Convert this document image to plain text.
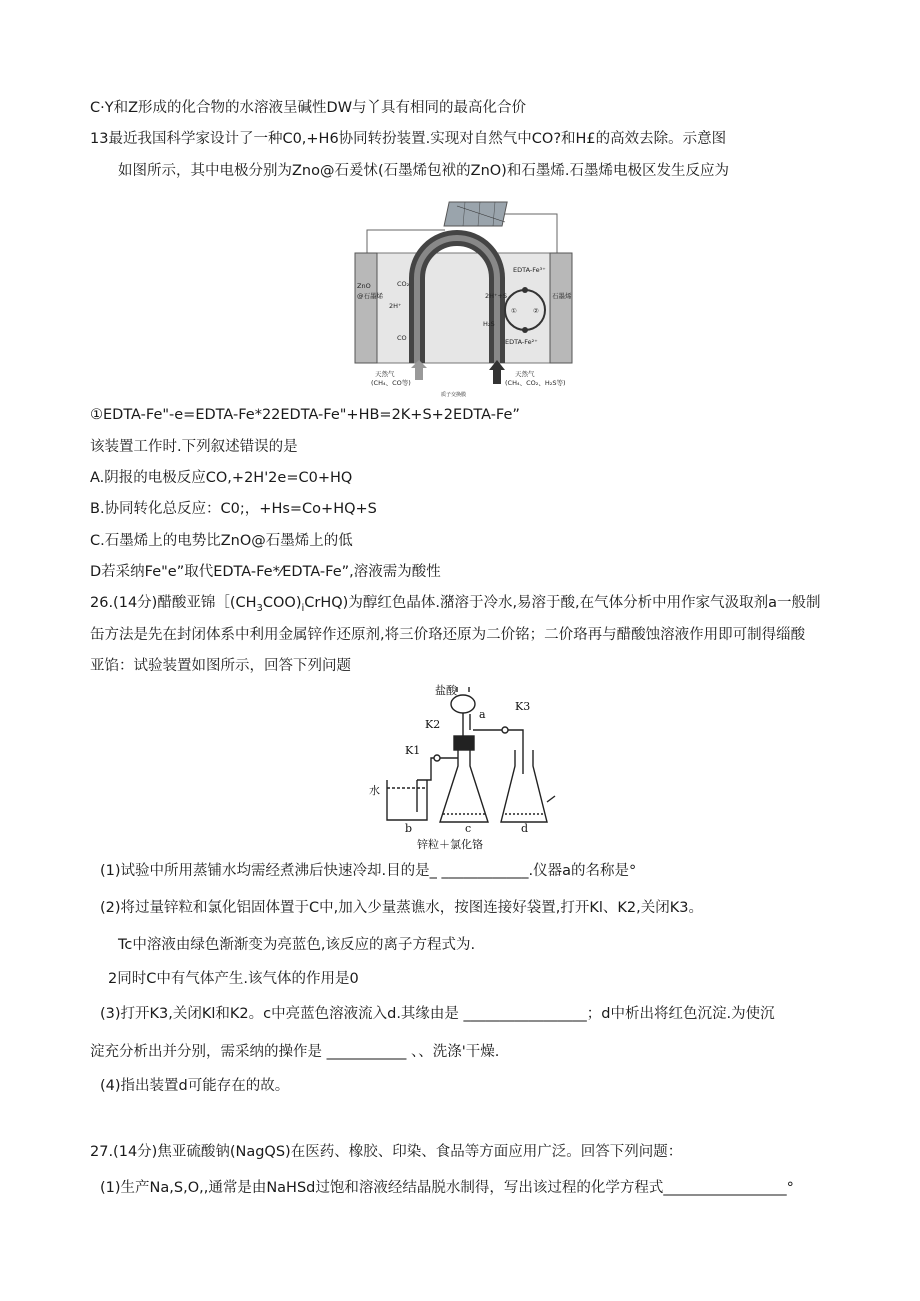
C·Y和Z形成的化合物的水溶液呈碱性DW与丫具有相同的最高化合价
13最近我国科学家设计了一种C0,+H6协同转扮装置.实现对自然气中CO?和H£的高效去除。示意图
如图所示，其中电极分别为Zno@石爰怵(石墨烯包袱的ZnO)和石墨烯.石墨烯电极区发生反应为
ZnO
@石墨烯	石墨烯
CO₂
2H⁺
CO
EDTA-Fe³⁺
2H⁺+S
H₂S
EDTA-Fe²⁺
① ②
天然气
(CH₄、CO等)
天然气
(CH₄、CO₂、H₂S等)
质子交换膜
①EDTA-Fe"-e=EDTA-Fe*22EDTA-Fe"+HB=2K+S+2EDTA-Fe”
该装置工作时.下列叙述错误的是
A.阴报的电极反应CO,+2H'2e=C0+HQ
B.协同转化总反应：C0;，+Hs=Co+HQ+S
C.石墨烯上的电势比ZnO@石墨烯上的低
D若采纳Fe"e”取代EDTA-Fe*⁄EDTA-Fe”,溶液需为酸性
26.(14分)醋酸亚锦$[(CH_3COO)_iCrHQ$)为醇红色晶体.潴溶于冷水,易溶于酸,在气体分析中用作家气汲取剂a一般制
缶方法是先在封闭体系中利用金属锌作还原剂,将三价珞还原为二价铭；二价珞再与醋酸蚀溶液作用即可制得缁酸
亚馅：试验装置如图所示，回答下列问题
盐酸
K3
K2
K1
水
a
b	c	d
锌粒＋氯化铬
(1)试验中所用蒸铺水均需经煮沸后快速冷却.目的是_ ____________.仪器a的名称是°
(2)将过量锌粒和氯化铝固体置于C中,加入少量蒸谯水，按图连接好袋置,打开Kl、K2,关闭K3。
Tc中溶液由绿色渐渐变为亮蓝色,该反应的离子方程式为.
2同时C中有气体产生.该气体的作用是0
(3)打开K3,关闭Kl和K2。c中亮蓝色溶液流入d.其缘由是 _________________；d中析出将红色沉淀.为使沉
淀充分析出并分别，需采纳的操作是 ___________ 、、洗涤'干燥.
(4)指出装置d可能存在的故。
27.(14分)焦亚硫酸钠(NagQS)在医药、橡胶、印染、食品等方面应用广泛。回答下列问题：
(1)生产Na,S,O,,通常是由NaHSd过饱和溶液经结晶脱水制得，写出该过程的化学方程式_________________°
